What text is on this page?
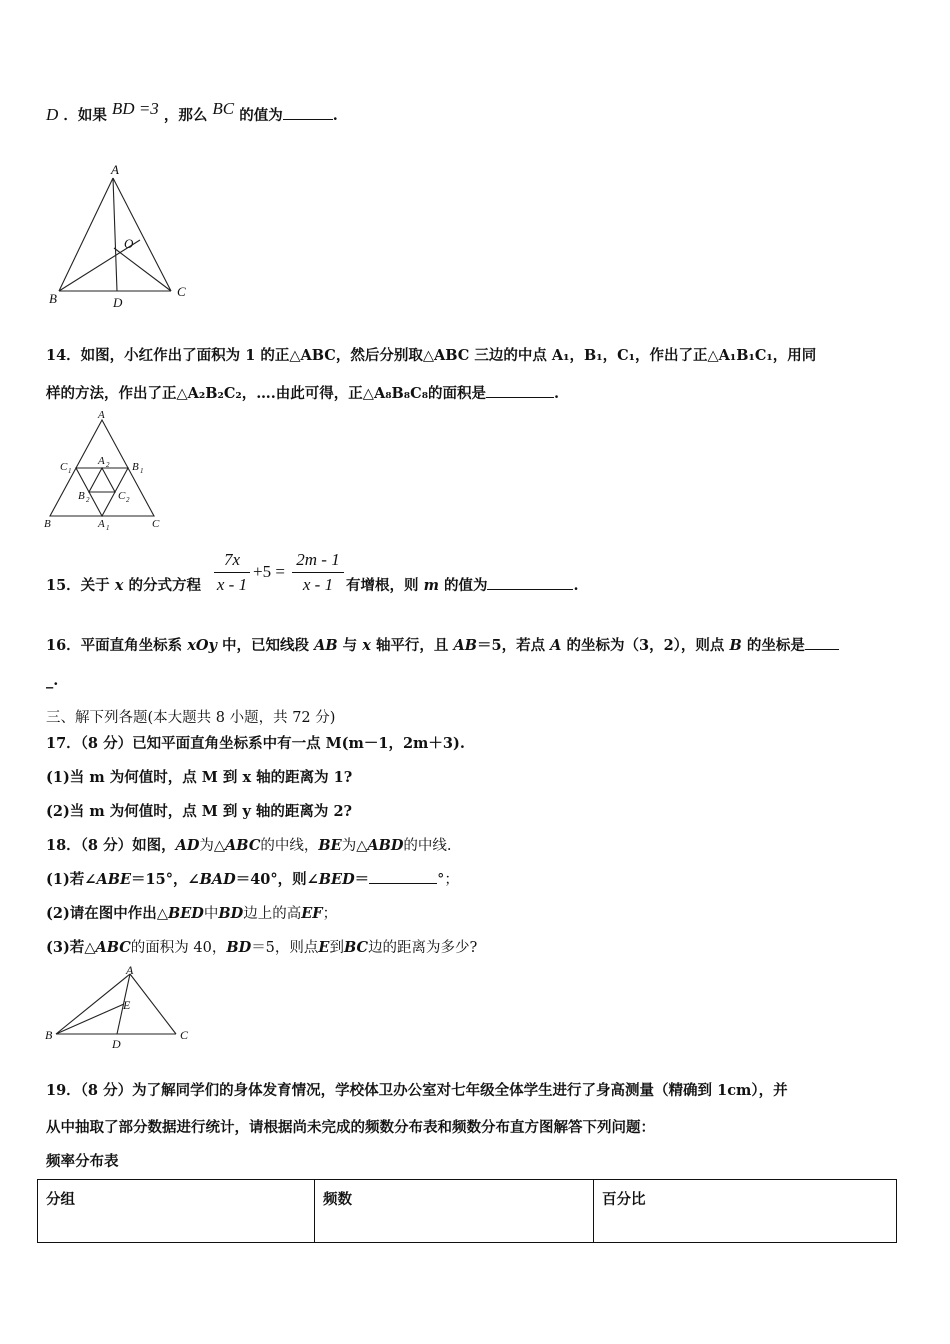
D ．如果 BD =3 ，那么 BC 的值为	.
A
O
B	D
C
14．如图，小红作出了面积为 1 的正△ABC，然后分别取△ABC 三边的中点 A₁，B₁，C₁，作出了正△A₁B₁C₁，用同
样的方法，作出了正△A₂B₂C₂，….由此可得，正△A₈B₈C₈的面积是	.
A
C 1	B 1
A 2
B 2	C 2
B	A 1	C
15．关于 x 的分式方程 $\frac{7x}{x - 1} +5 = \frac{2m - 1}{x - 1}$ 有增根，则 m 的值为	.
16．平面直角坐标系 xOy 中，已知线段 AB 与 x 轴平行，且 AB＝5，若点 A 的坐标为（3，2），则点 B 的坐标是
_.
三、解下列各题(本大题共 8 小题，共 72 分)
17．（8 分）已知平面直角坐标系中有一点 M(m－1，2m＋3).
(1)当 m 为何值时，点 M 到 x 轴的距离为 1?
(2)当 m 为何值时，点 M 到 y 轴的距离为 2?
18．（8 分）如图，AD为△ABC的中线，BE为△ABD的中线.
(1)若∠ABE＝15°，∠BAD＝40°，则∠BED＝	°；
(2)请在图中作出△BED中BD边上的高EF；
(3)若△ABC的面积为 40，BD＝5，则点E到BC边的距离为多少?
A
E
B
D
C
19．（8 分）为了解同学们的身体发育情况，学校体卫办公室对七年级全体学生进行了身高测量（精确到 1cm），并
从中抽取了部分数据进行统计，请根据尚未完成的频数分布表和频数分布直方图解答下列问题：
频率分布表
分组	频数	百分比
